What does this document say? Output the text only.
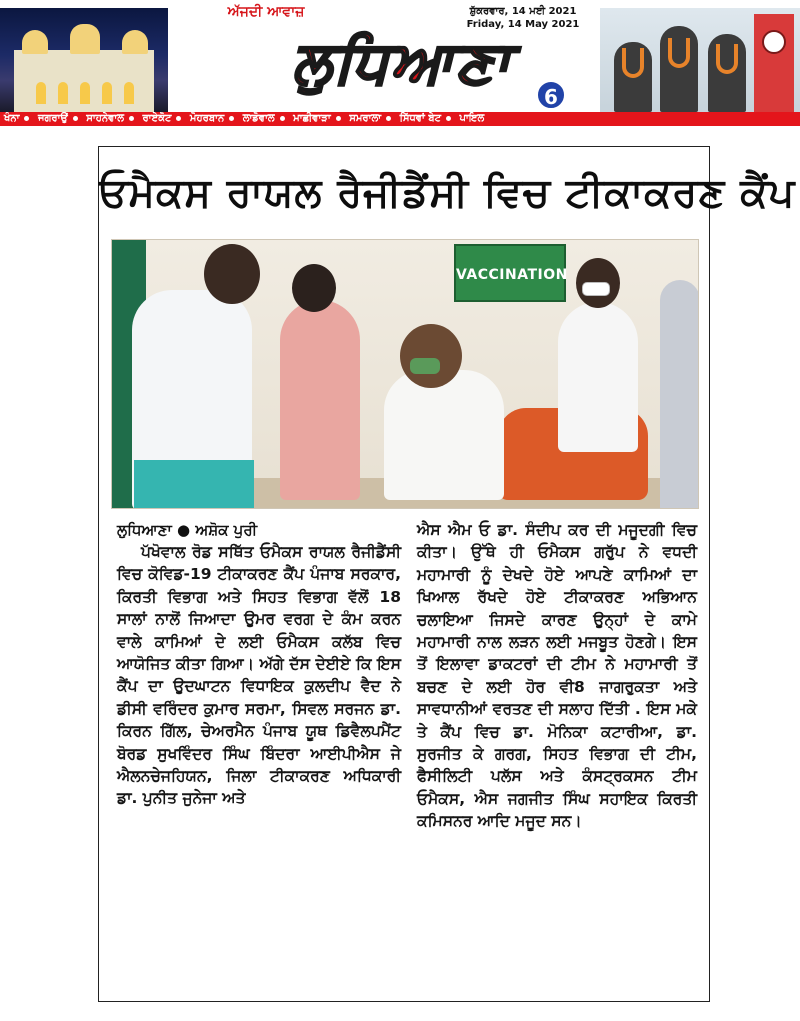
ਅੱਜਦੀ ਆਵਾਜ਼	ਸ਼ੁੱਕਰਵਾਰ, 14 ਮਈ 2021
Friday, 14 May 2021
ਲੁਧਿਆਣਾ
6
ਖੰਨਾ ਜਗਰਾਉਂ ਸਾਹਨੇਵਾਲ ਰਾਏਕੋਟ ਮੋਹਰਬਾਨ ਲਾਡੋਵਾਲ ਮਾਛੀਵਾੜਾ ਸਮਰਾਲਾ ਸਿੱਧਵਾਂ ਬੇਟ ਪਾਇਲ
ਓਮੈਕਸ ਰਾਯਲ ਰੈਜੀਡੈਂਸੀ ਵਿਚ ਟੀਕਾਕਰਣ ਕੈਂਪ
VACCINATION
ਲੁਧਿਆਣਾ ● ਅਸ਼ੋਕ ਪੁਰੀ
ਪੱਖੋਵਾਲ ਰੋਡ ਸਥਿੱਤ ਓਮੈਕਸ ਰਾਯਲ ਰੈਜੀਡੈਂਸੀ ਵਿਚ ਕੋਵਿਡ-19 ਟੀਕਾਕਰਣ ਕੈਂਪ ਪੰਜਾਬ ਸਰਕਾਰ, ਕਿਰਤੀ ਵਿਭਾਗ ਅਤੇ ਸਿਹਤ ਵਿਭਾਗ ਵੱਲੋਂ 18 ਸਾਲਾਂ ਨਾਲੋਂ ਜਿਆਦਾ ਉਮਰ ਵਰਗ ਦੇ ਕੰਮ ਕਰਨ ਵਾਲੇ ਕਾਮਿਆਂ ਦੇ ਲਈ ਓਮੈਕਸ ਕਲੱਬ ਵਿਚ ਆਯੋਜਿਤ ਕੀਤਾ ਗਿਆ। ਅੱਗੇ ਦੱਸ ਦੇਈਏ ਕਿ ਇਸ ਕੈਂਪ ਦਾ ਉਦਘਾਟਨ ਵਿਧਾਇਕ ਕੁਲਦੀਪ ਵੈਦ ਨੇ ਡੀਸੀ ਵਰਿੰਦਰ ਕੁਮਾਰ ਸਰਮਾ, ਸਿਵਲ ਸਰਜਨ ਡਾ. ਕਿਰਨ ਗਿੱਲ, ਚੇਅਰਮੈਨ ਪੰਜਾਬ ਯੂਥ ਡਿਵੈਲਪਮੈਂਟ ਬੋਰਡ ਸੁਖਵਿੰਦਰ ਸਿੰਘ ਬਿੰਦਰਾ ਆਈਪੀਐਸ ਜੇ ਐਲਨਚੇਜਹਿਯਨ, ਜਿਲਾ ਟੀਕਾਕਰਣ ਅਧਿਕਾਰੀ ਡਾ. ਪੁਨੀਤ ਜੁਨੇਜਾ ਅਤੇ
ਐਸ ਐਮ ਓ ਡਾ. ਸੰਦੀਪ ਕਰ ਦੀ ਮਜੂਦਗੀ ਵਿਚ ਕੀਤਾ। ਉੱਥੇ ਹੀ ਓਮੈਕਸ ਗਰੁੱਪ ਨੇ ਵਧਦੀ ਮਹਾਮਾਰੀ ਨੂੰ ਦੇਖਦੇ ਹੋਏ ਆਪਣੇ ਕਾਮਿਆਂ ਦਾ ਖਿਆਲ ਰੱਖਦੇ ਹੋਏ ਟੀਕਾਕਰਣ ਅਭਿਆਨ ਚਲਾਇਆ ਜਿਸਦੇ ਕਾਰਣ ਉਨ੍ਹਾਂ ਦੇ ਕਾਮੇ ਮਹਾਮਾਰੀ ਨਾਲ ਲੜਨ ਲਈ ਮਜਬੂਤ ਹੋਣਗੇ। ਇਸ ਤੋਂ ਇਲਾਵਾ ਡਾਕਟਰਾਂ ਦੀ ਟੀਮ ਨੇ ਮਹਾਮਾਰੀ ਤੋਂ ਬਚਣ ਦੇ ਲਈ ਹੋਰ ਵੀ8 ਜਾਗਰੁਕਤਾ ਅਤੇ ਸਾਵਧਾਨੀਆਂ ਵਰਤਣ ਦੀ ਸਲਾਹ ਦਿੱਤੀ . ਇਸ ਮਕੇ ਤੇ ਕੈਂਪ ਵਿਚ ਡਾ. ਮੋਨਿਕਾ ਕਟਾਰੀਆ, ਡਾ. ਸੁਰਜੀਤ ਕੇ ਗਰਗ, ਸਿਹਤ ਵਿਭਾਗ ਦੀ ਟੀਮ, ਫੈਸੀਲਿਟੀ ਪਲੱਸ ਅਤੇ ਕੰਸਟ੍ਰਕਸਨ ਟੀਮ ਓਮੈਕਸ, ਐਸ ਜਗਜੀਤ ਸਿੰਘ ਸਹਾਇਕ ਕਿਰਤੀ ਕਮਿਸਨਰ ਆਦਿ ਮਜੂਦ ਸਨ।
